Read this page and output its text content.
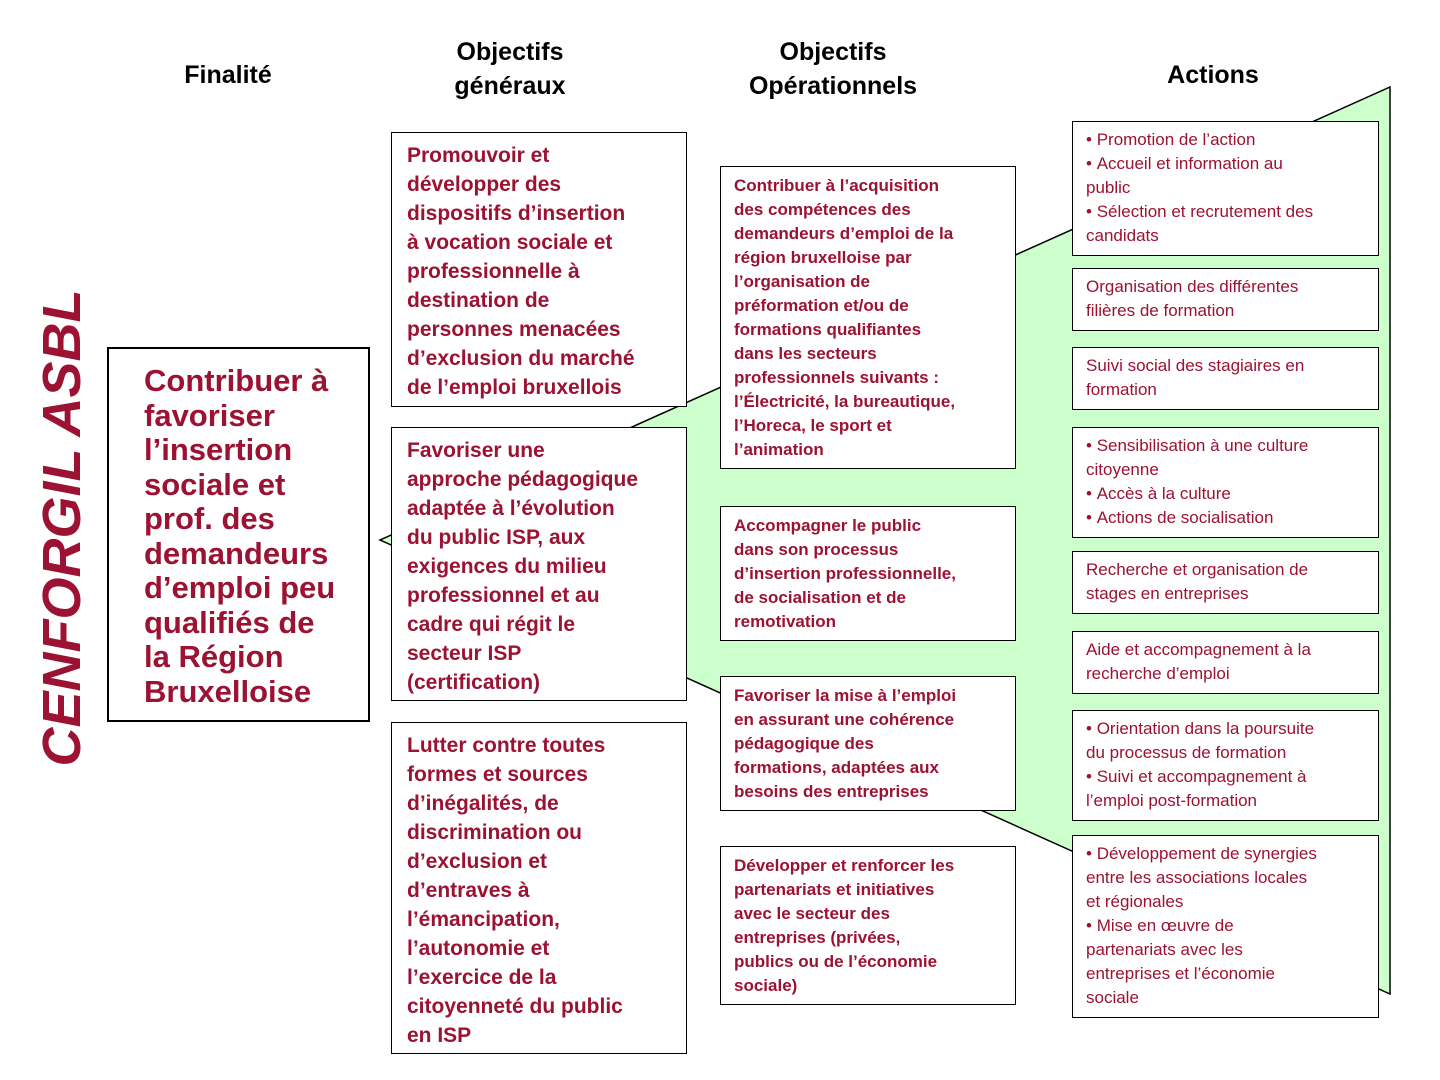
Finalité
Objectifs
généraux
Objectifs
Opérationnels	Actions
CENFORGIL ASBL Contribuer à
favoriser
l’insertion
sociale et
prof. des
demandeurs
d’emploi peu
qualifiés de
la Région
Bruxelloise
Promouvoir et
développer des
dispositifs d’insertion
à vocation sociale et
professionnelle à
destination de
personnes menacées
d’exclusion du marché
de l’emploi bruxellois
Favoriser une
approche pédagogique
adaptée à l’évolution
du public ISP, aux
exigences du milieu
professionnel et au
cadre qui régit le
secteur ISP
(certification)
Lutter contre toutes
formes et sources
d’inégalités, de
discrimination ou
d’exclusion et
d’entraves à
l’émancipation,
l’autonomie et
l’exercice de la
citoyenneté du public
en ISP
Contribuer à l’acquisition
des compétences des
demandeurs d’emploi de la
région bruxelloise par
l’organisation de
préformation et/ou de
formations qualifiantes
dans les secteurs
professionnels suivants :
l’Électricité, la bureautique,
l’Horeca, le sport et
l’animation
Accompagner le public
dans son processus
d’insertion professionnelle,
de socialisation et de
remotivation
Favoriser la mise à l’emploi
en assurant une cohérence
pédagogique des
formations, adaptées aux
besoins des entreprises
Développer et renforcer les
partenariats et initiatives
avec le secteur des
entreprises (privées,
publics ou de l’économie
sociale)
• Promotion de l’action
• Accueil et information au
public
• Sélection et recrutement des
candidats
Organisation des différentes
filières de formation
Suivi social des stagiaires en
formation
• Sensibilisation à une culture
citoyenne
• Accès à la culture
• Actions de socialisation
Recherche et organisation de
stages en entreprises
Aide et accompagnement à la
recherche d’emploi
• Orientation dans la poursuite
du processus de formation
• Suivi et accompagnement à
l’emploi post-formation
• Développement de synergies
entre les associations locales
et régionales
• Mise en œuvre de
partenariats avec les
entreprises et l’économie
sociale
